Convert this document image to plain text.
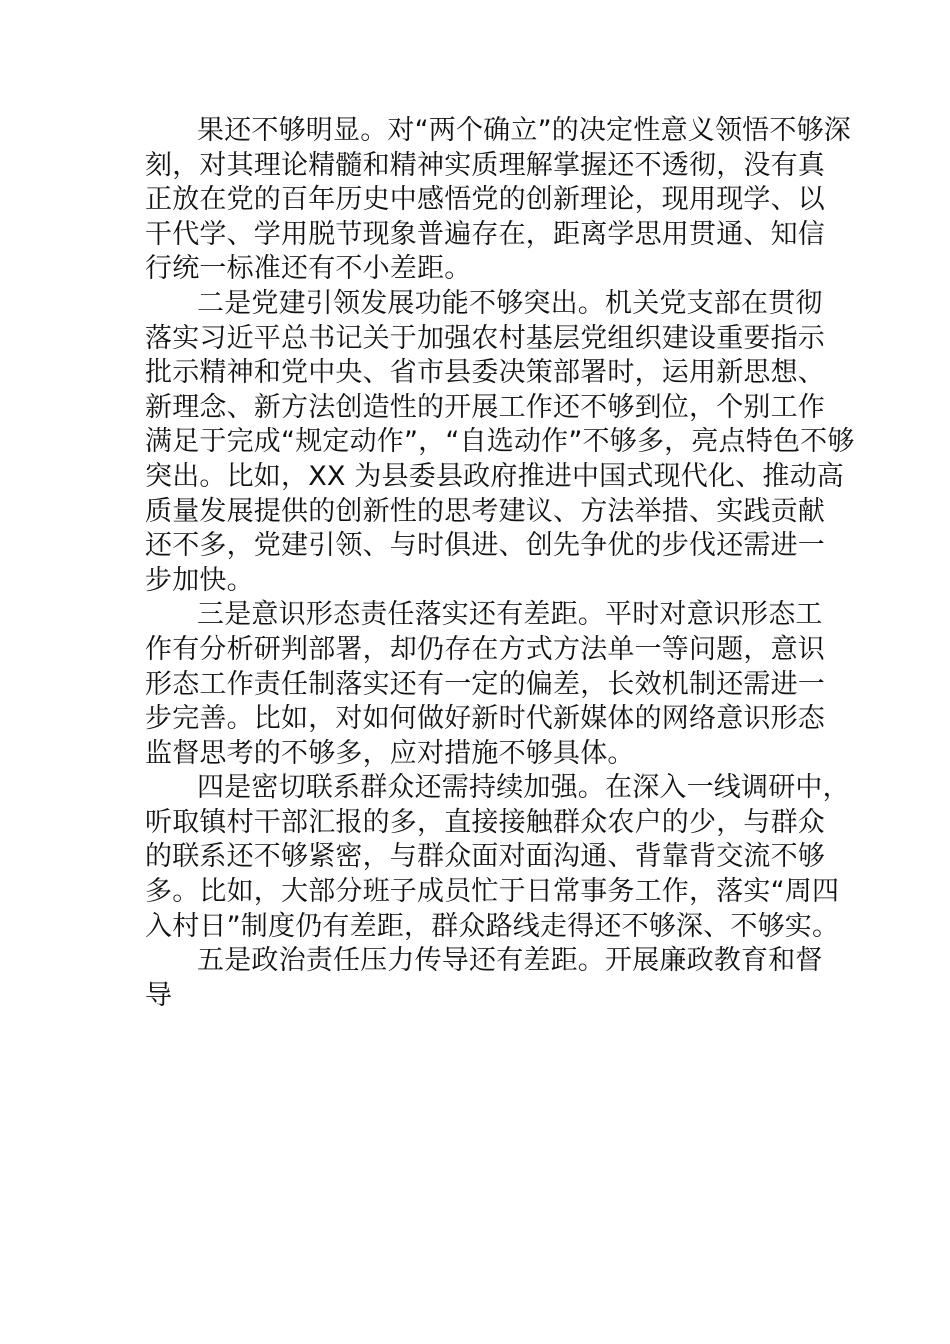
果还不够明显。对“两个确立”的决定性意义领悟不够深
刻，对其理论精髓和精神实质理解掌握还不透彻，没有真
正放在党的百年历史中感悟党的创新理论，现用现学、以
干代学、学用脱节现象普遍存在，距离学思用贯通、知信
行统一标准还有不小差距。

二是党建引领发展功能不够突出。机关党支部在贯彻
落实习近平总书记关于加强农村基层党组织建设重要指示
批示精神和党中央、省市县委决策部署时，运用新思想、
新理念、新方法创造性的开展工作还不够到位，个别工作
满足于完成“规定动作”，“自选动作”不够多，亮点特色不够
突出。比如，XX 为县委县政府推进中国式现代化、推动高
质量发展提供的创新性的思考建议、方法举措、实践贡献
还不多，党建引领、与时俱进、创先争优的步伐还需进一
步加快。

三是意识形态责任落实还有差距。平时对意识形态工
作有分析研判部署，却仍存在方式方法单一等问题，意识
形态工作责任制落实还有一定的偏差，长效机制还需进一
步完善。比如，对如何做好新时代新媒体的网络意识形态
监督思考的不够多，应对措施不够具体。

四是密切联系群众还需持续加强。在深入一线调研中，
听取镇村干部汇报的多，直接接触群众农户的少，与群众
的联系还不够紧密，与群众面对面沟通、背靠背交流不够
多。比如，大部分班子成员忙于日常事务工作，落实“周四
入村日”制度仍有差距，群众路线走得还不够深、不够实。

五是政治责任压力传导还有差距。开展廉政教育和督
导
